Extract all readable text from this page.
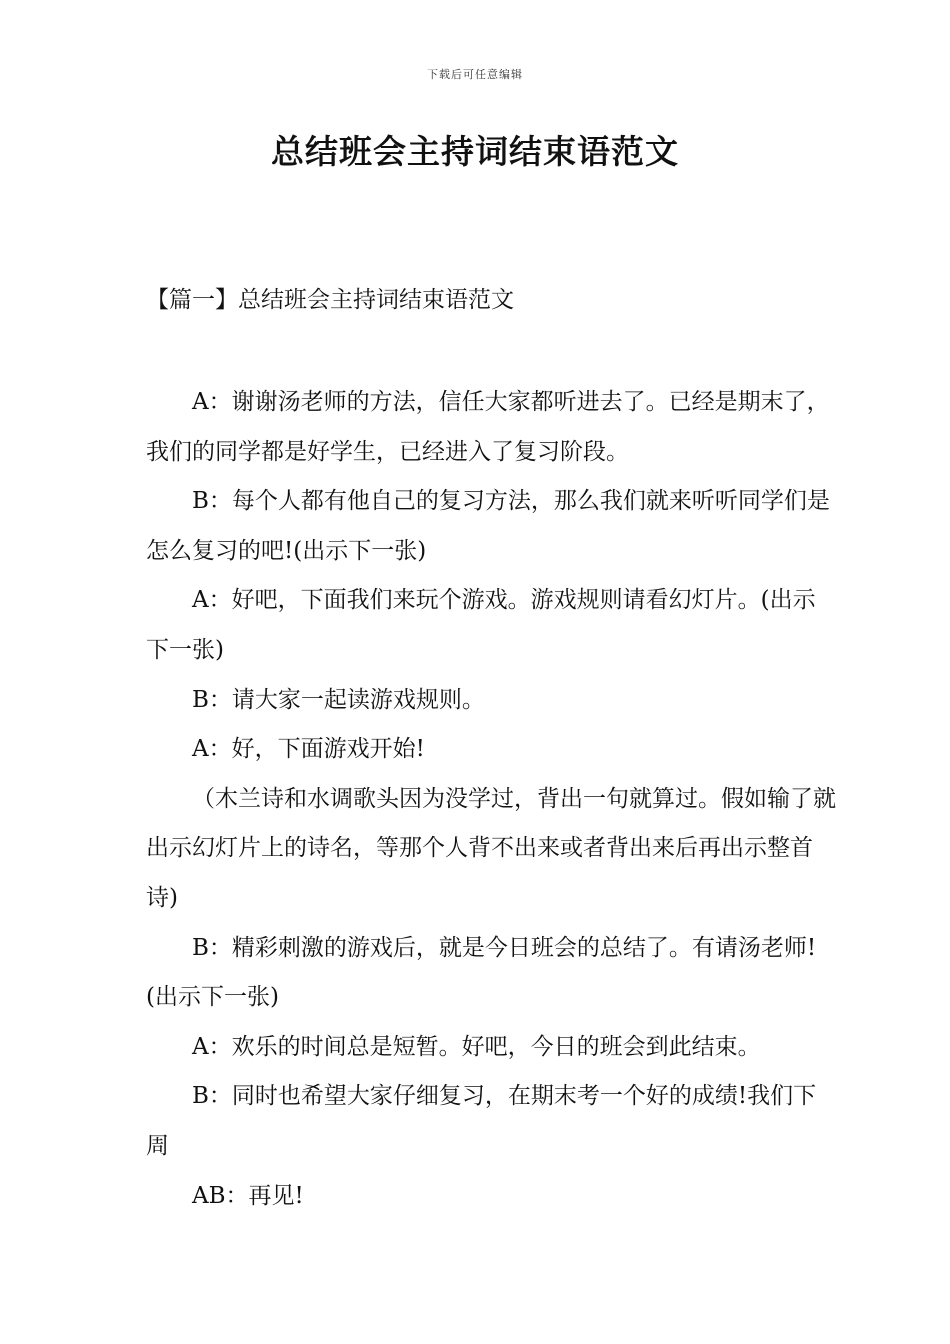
下载后可任意编辑
总结班会主持词结束语范文
【篇一】总结班会主持词结束语范文

A：谢谢汤老师的方法，信任大家都听进去了。已经是期末了，我们的同学都是好学生，已经进入了复习阶段。

B：每个人都有他自己的复习方法，那么我们就来听听同学们是怎么复习的吧!(出示下一张)

A：好吧，下面我们来玩个游戏。游戏规则请看幻灯片。(出示下一张)

B：请大家一起读游戏规则。

A：好，下面游戏开始!

（木兰诗和水调歌头因为没学过，背出一句就算过。假如输了就出示幻灯片上的诗名，等那个人背不出来或者背出来后再出示整首诗)

B：精彩刺激的游戏后，就是今日班会的总结了。有请汤老师!(出示下一张)

A：欢乐的时间总是短暂。好吧，今日的班会到此结束。

B：同时也希望大家仔细复习，在期末考一个好的成绩!我们下周

AB：再见!
